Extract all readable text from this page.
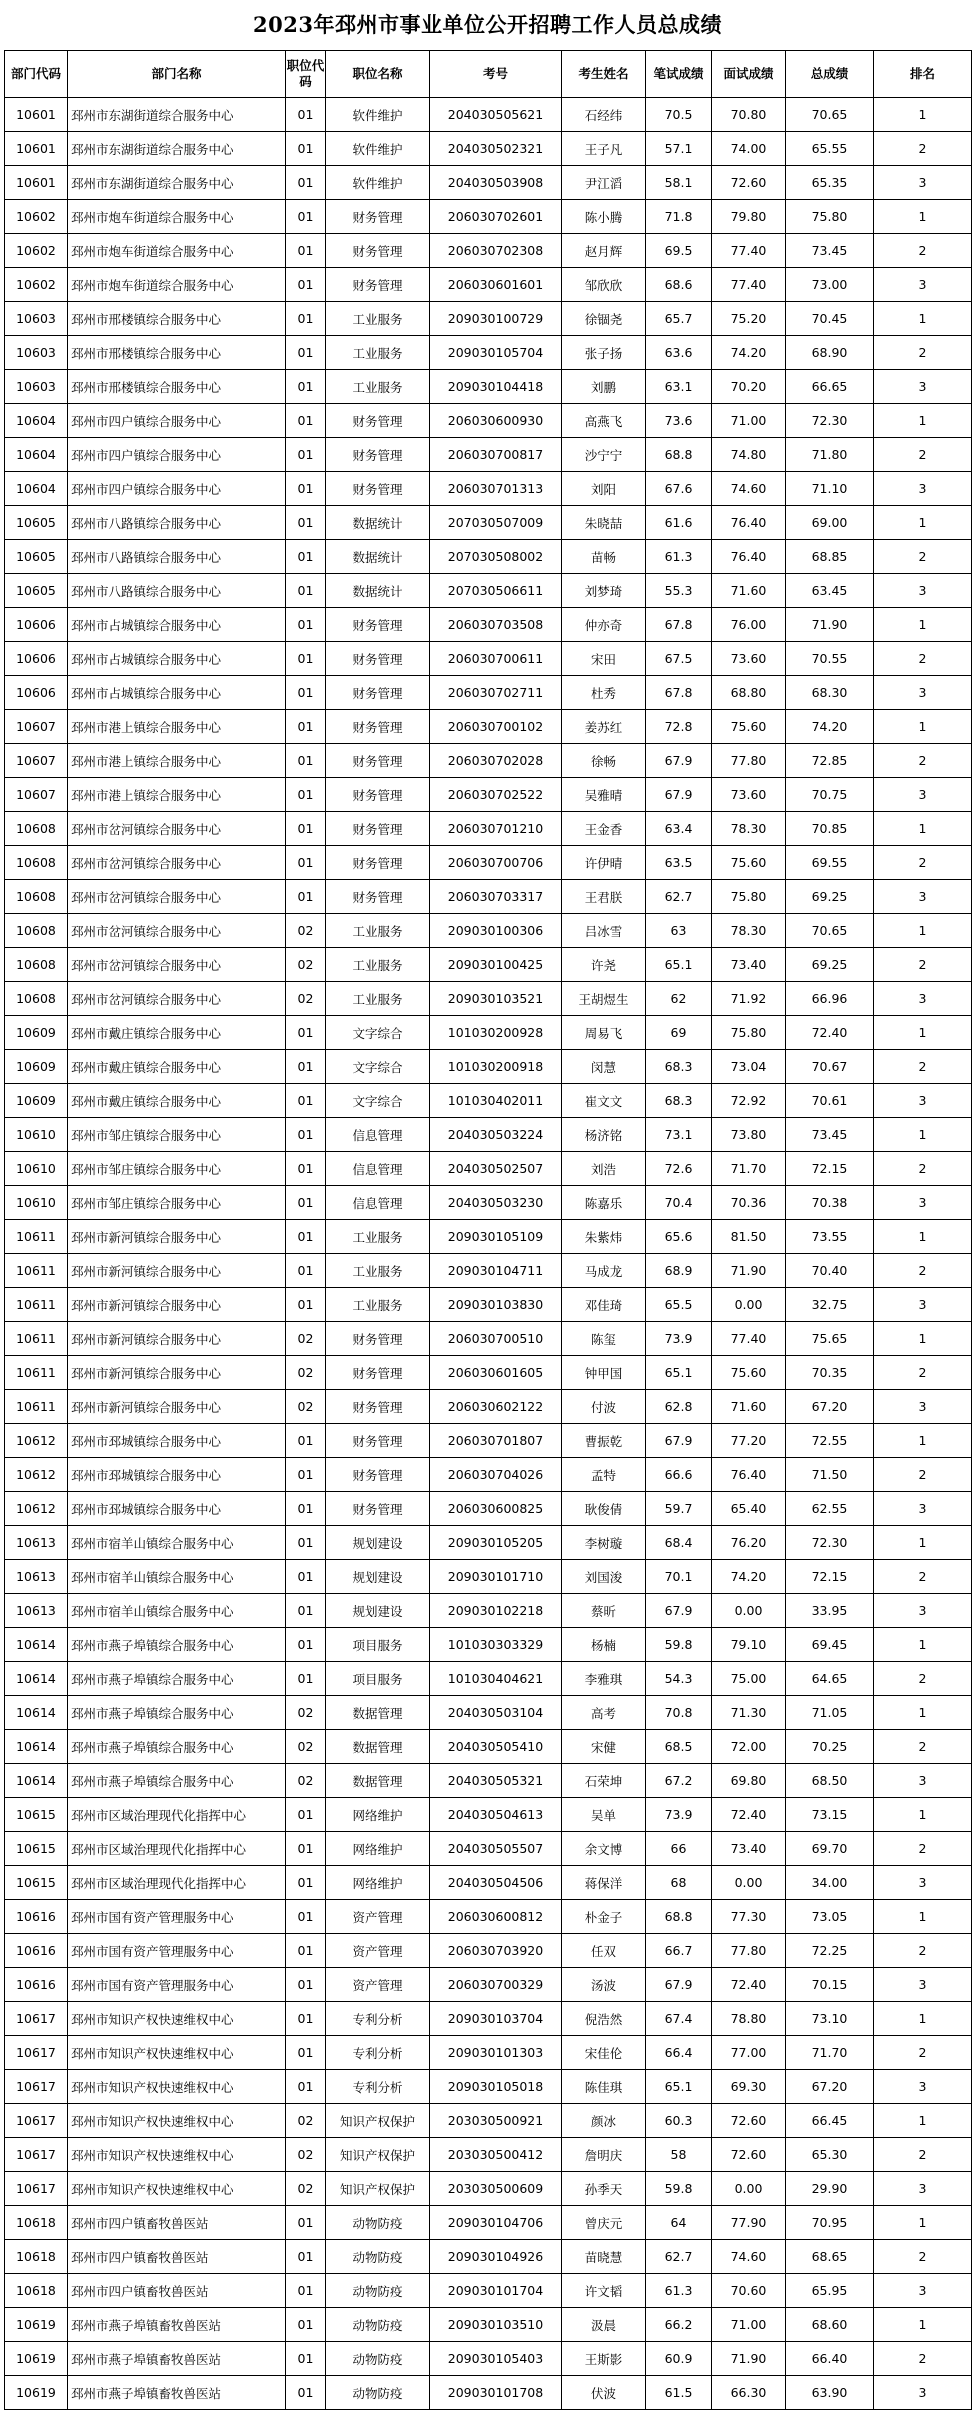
2023年邳州市事业单位公开招聘工作人员总成绩
部门代码	部门名称	职位代码	职位名称	考号	考生姓名	笔试成绩	面试成绩	总成绩	排名
10601	邳州市东湖街道综合服务中心	01	软件维护	204030505621	石经纬	70.5	70.80	70.65	1
10601	邳州市东湖街道综合服务中心	01	软件维护	204030502321	王子凡	57.1	74.00	65.55	2
10601	邳州市东湖街道综合服务中心	01	软件维护	204030503908	尹江滔	58.1	72.60	65.35	3
10602	邳州市炮车街道综合服务中心	01	财务管理	206030702601	陈小腾	71.8	79.80	75.80	1
10602	邳州市炮车街道综合服务中心	01	财务管理	206030702308	赵月辉	69.5	77.40	73.45	2
10602	邳州市炮车街道综合服务中心	01	财务管理	206030601601	邹欣欣	68.6	77.40	73.00	3
10603	邳州市邢楼镇综合服务中心	01	工业服务	209030100729	徐锢尧	65.7	75.20	70.45	1
10603	邳州市邢楼镇综合服务中心	01	工业服务	209030105704	张子扬	63.6	74.20	68.90	2
10603	邳州市邢楼镇综合服务中心	01	工业服务	209030104418	刘鹏	63.1	70.20	66.65	3
10604	邳州市四户镇综合服务中心	01	财务管理	206030600930	高燕飞	73.6	71.00	72.30	1
10604	邳州市四户镇综合服务中心	01	财务管理	206030700817	沙宁宁	68.8	74.80	71.80	2
10604	邳州市四户镇综合服务中心	01	财务管理	206030701313	刘阳	67.6	74.60	71.10	3
10605	邳州市八路镇综合服务中心	01	数据统计	207030507009	朱晓喆	61.6	76.40	69.00	1
10605	邳州市八路镇综合服务中心	01	数据统计	207030508002	苗畅	61.3	76.40	68.85	2
10605	邳州市八路镇综合服务中心	01	数据统计	207030506611	刘梦琦	55.3	71.60	63.45	3
10606	邳州市占城镇综合服务中心	01	财务管理	206030703508	仲亦奇	67.8	76.00	71.90	1
10606	邳州市占城镇综合服务中心	01	财务管理	206030700611	宋田	67.5	73.60	70.55	2
10606	邳州市占城镇综合服务中心	01	财务管理	206030702711	杜秀	67.8	68.80	68.30	3
10607	邳州市港上镇综合服务中心	01	财务管理	206030700102	姜苏红	72.8	75.60	74.20	1
10607	邳州市港上镇综合服务中心	01	财务管理	206030702028	徐畅	67.9	77.80	72.85	2
10607	邳州市港上镇综合服务中心	01	财务管理	206030702522	吴雅晴	67.9	73.60	70.75	3
10608	邳州市岔河镇综合服务中心	01	财务管理	206030701210	王金香	63.4	78.30	70.85	1
10608	邳州市岔河镇综合服务中心	01	财务管理	206030700706	许伊晴	63.5	75.60	69.55	2
10608	邳州市岔河镇综合服务中心	01	财务管理	206030703317	王君朕	62.7	75.80	69.25	3
10608	邳州市岔河镇综合服务中心	02	工业服务	209030100306	吕冰雪	63	78.30	70.65	1
10608	邳州市岔河镇综合服务中心	02	工业服务	209030100425	许尧	65.1	73.40	69.25	2
10608	邳州市岔河镇综合服务中心	02	工业服务	209030103521	王胡煜生	62	71.92	66.96	3
10609	邳州市戴庄镇综合服务中心	01	文字综合	101030200928	周易飞	69	75.80	72.40	1
10609	邳州市戴庄镇综合服务中心	01	文字综合	101030200918	闵慧	68.3	73.04	70.67	2
10609	邳州市戴庄镇综合服务中心	01	文字综合	101030402011	崔文文	68.3	72.92	70.61	3
10610	邳州市邹庄镇综合服务中心	01	信息管理	204030503224	杨济铭	73.1	73.80	73.45	1
10610	邳州市邹庄镇综合服务中心	01	信息管理	204030502507	刘浩	72.6	71.70	72.15	2
10610	邳州市邹庄镇综合服务中心	01	信息管理	204030503230	陈嘉乐	70.4	70.36	70.38	3
10611	邳州市新河镇综合服务中心	01	工业服务	209030105109	朱紫炜	65.6	81.50	73.55	1
10611	邳州市新河镇综合服务中心	01	工业服务	209030104711	马成龙	68.9	71.90	70.40	2
10611	邳州市新河镇综合服务中心	01	工业服务	209030103830	邓佳琦	65.5	0.00	32.75	3
10611	邳州市新河镇综合服务中心	02	财务管理	206030700510	陈玺	73.9	77.40	75.65	1
10611	邳州市新河镇综合服务中心	02	财务管理	206030601605	钟甲国	65.1	75.60	70.35	2
10611	邳州市新河镇综合服务中心	02	财务管理	206030602122	付波	62.8	71.60	67.20	3
10612	邳州市邳城镇综合服务中心	01	财务管理	206030701807	曹振乾	67.9	77.20	72.55	1
10612	邳州市邳城镇综合服务中心	01	财务管理	206030704026	孟特	66.6	76.40	71.50	2
10612	邳州市邳城镇综合服务中心	01	财务管理	206030600825	耿俊倩	59.7	65.40	62.55	3
10613	邳州市宿羊山镇综合服务中心	01	规划建设	209030105205	李树璇	68.4	76.20	72.30	1
10613	邳州市宿羊山镇综合服务中心	01	规划建设	209030101710	刘国浚	70.1	74.20	72.15	2
10613	邳州市宿羊山镇综合服务中心	01	规划建设	209030102218	蔡昕	67.9	0.00	33.95	3
10614	邳州市燕子埠镇综合服务中心	01	项目服务	101030303329	杨楠	59.8	79.10	69.45	1
10614	邳州市燕子埠镇综合服务中心	01	项目服务	101030404621	李雅琪	54.3	75.00	64.65	2
10614	邳州市燕子埠镇综合服务中心	02	数据管理	204030503104	高考	70.8	71.30	71.05	1
10614	邳州市燕子埠镇综合服务中心	02	数据管理	204030505410	宋健	68.5	72.00	70.25	2
10614	邳州市燕子埠镇综合服务中心	02	数据管理	204030505321	石荣坤	67.2	69.80	68.50	3
10615	邳州市区域治理现代化指挥中心	01	网络维护	204030504613	吴单	73.9	72.40	73.15	1
10615	邳州市区域治理现代化指挥中心	01	网络维护	204030505507	余文博	66	73.40	69.70	2
10615	邳州市区域治理现代化指挥中心	01	网络维护	204030504506	蒋保洋	68	0.00	34.00	3
10616	邳州市国有资产管理服务中心	01	资产管理	206030600812	朴金子	68.8	77.30	73.05	1
10616	邳州市国有资产管理服务中心	01	资产管理	206030703920	任双	66.7	77.80	72.25	2
10616	邳州市国有资产管理服务中心	01	资产管理	206030700329	汤波	67.9	72.40	70.15	3
10617	邳州市知识产权快速维权中心	01	专利分析	209030103704	倪浩然	67.4	78.80	73.10	1
10617	邳州市知识产权快速维权中心	01	专利分析	209030101303	宋佳伦	66.4	77.00	71.70	2
10617	邳州市知识产权快速维权中心	01	专利分析	209030105018	陈佳琪	65.1	69.30	67.20	3
10617	邳州市知识产权快速维权中心	02	知识产权保护	203030500921	颜冰	60.3	72.60	66.45	1
10617	邳州市知识产权快速维权中心	02	知识产权保护	203030500412	詹明庆	58	72.60	65.30	2
10617	邳州市知识产权快速维权中心	02	知识产权保护	203030500609	孙季天	59.8	0.00	29.90	3
10618	邳州市四户镇畜牧兽医站	01	动物防疫	209030104706	曾庆元	64	77.90	70.95	1
10618	邳州市四户镇畜牧兽医站	01	动物防疫	209030104926	苗晓慧	62.7	74.60	68.65	2
10618	邳州市四户镇畜牧兽医站	01	动物防疫	209030101704	许文韬	61.3	70.60	65.95	3
10619	邳州市燕子埠镇畜牧兽医站	01	动物防疫	209030103510	汲晨	66.2	71.00	68.60	1
10619	邳州市燕子埠镇畜牧兽医站	01	动物防疫	209030105403	王斯影	60.9	71.90	66.40	2
10619	邳州市燕子埠镇畜牧兽医站	01	动物防疫	209030101708	伏波	61.5	66.30	63.90	3
